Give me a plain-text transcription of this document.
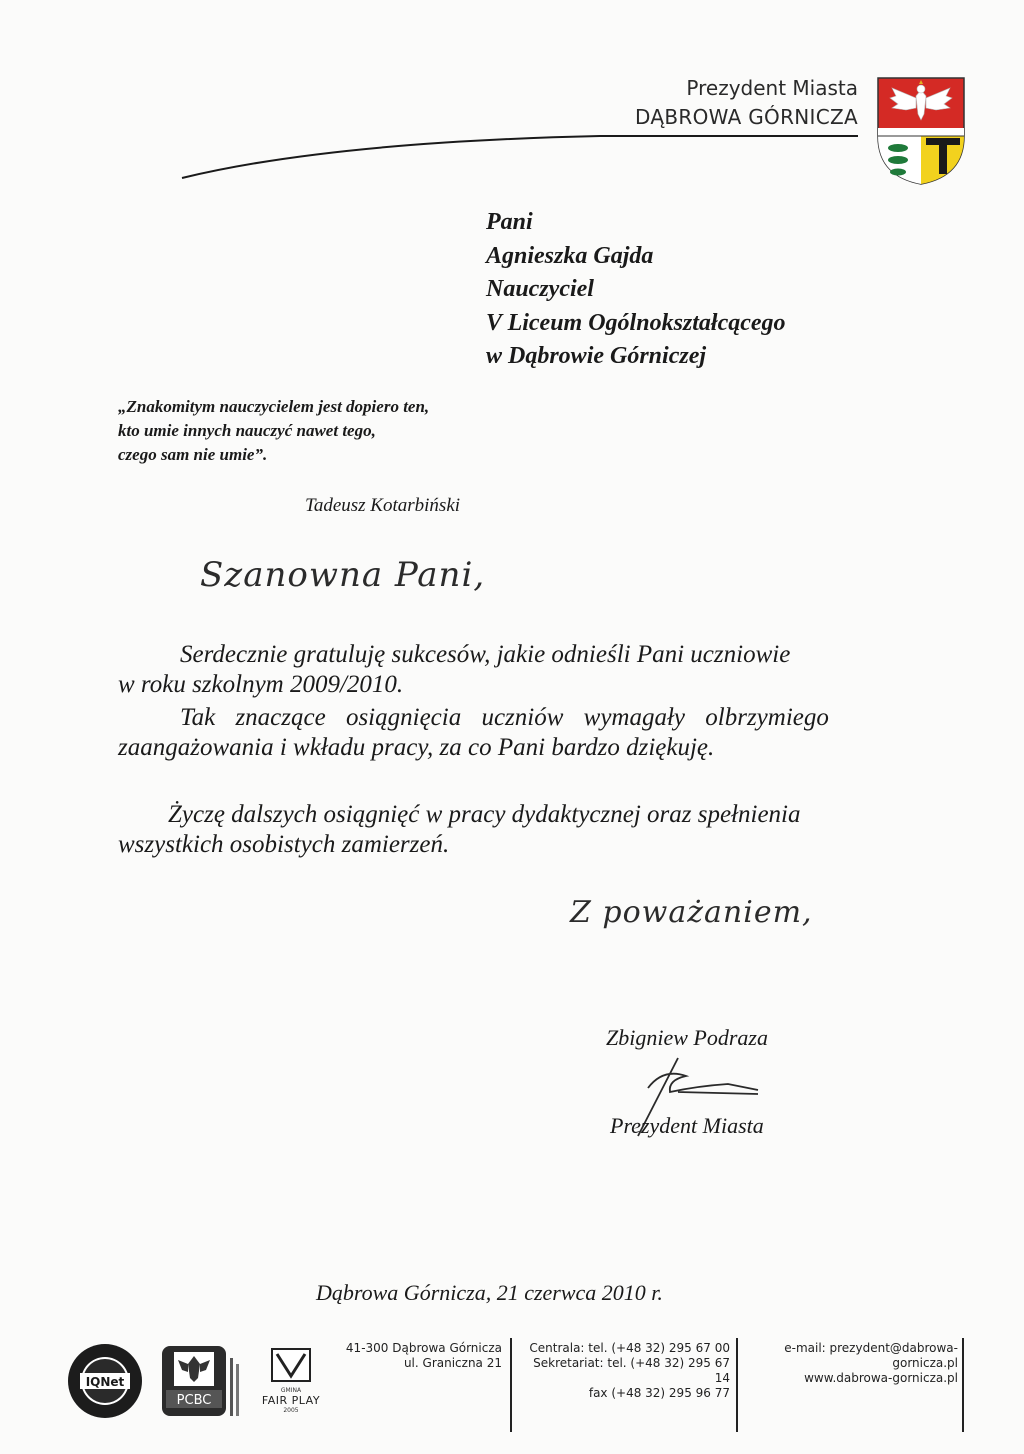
Prezydent Miasta
DĄBROWA GÓRNICZA
Pani
Agnieszka Gajda
Nauczyciel
V Liceum Ogólnokształcącego
w Dąbrowie Górniczej
„Znakomitym nauczycielem jest dopiero ten,
kto umie innych nauczyć nawet tego,
czego sam nie umie”.
Tadeusz Kotarbiński
Szanowna Pani,
Serdecznie gratuluję sukcesów, jakie odnieśli Pani uczniowie
w roku szkolnym 2009/2010.
Tak znaczące osiągnięcia uczniów wymagały olbrzymiego
zaangażowania i wkładu pracy, za co Pani bardzo dziękuję.
Życzę dalszych osiągnięć w pracy dydaktycznej oraz spełnienia
wszystkich osobistych zamierzeń.
Z poważaniem,
Zbigniew Podraza
Prezydent Miasta
Dąbrowa Górnicza, 21 czerwca 2010 r.
IQNet
PCBC
GMINA
FAIR PLAY
2005
41-300 Dąbrowa Górnicza
ul. Graniczna 21
Centrala: tel. (+48 32) 295 67 00
Sekretariat: tel. (+48 32) 295 67 14
fax (+48 32) 295 96 77
e-mail: prezydent@dabrowa-gornicza.pl
www.dabrowa-gornicza.pl
